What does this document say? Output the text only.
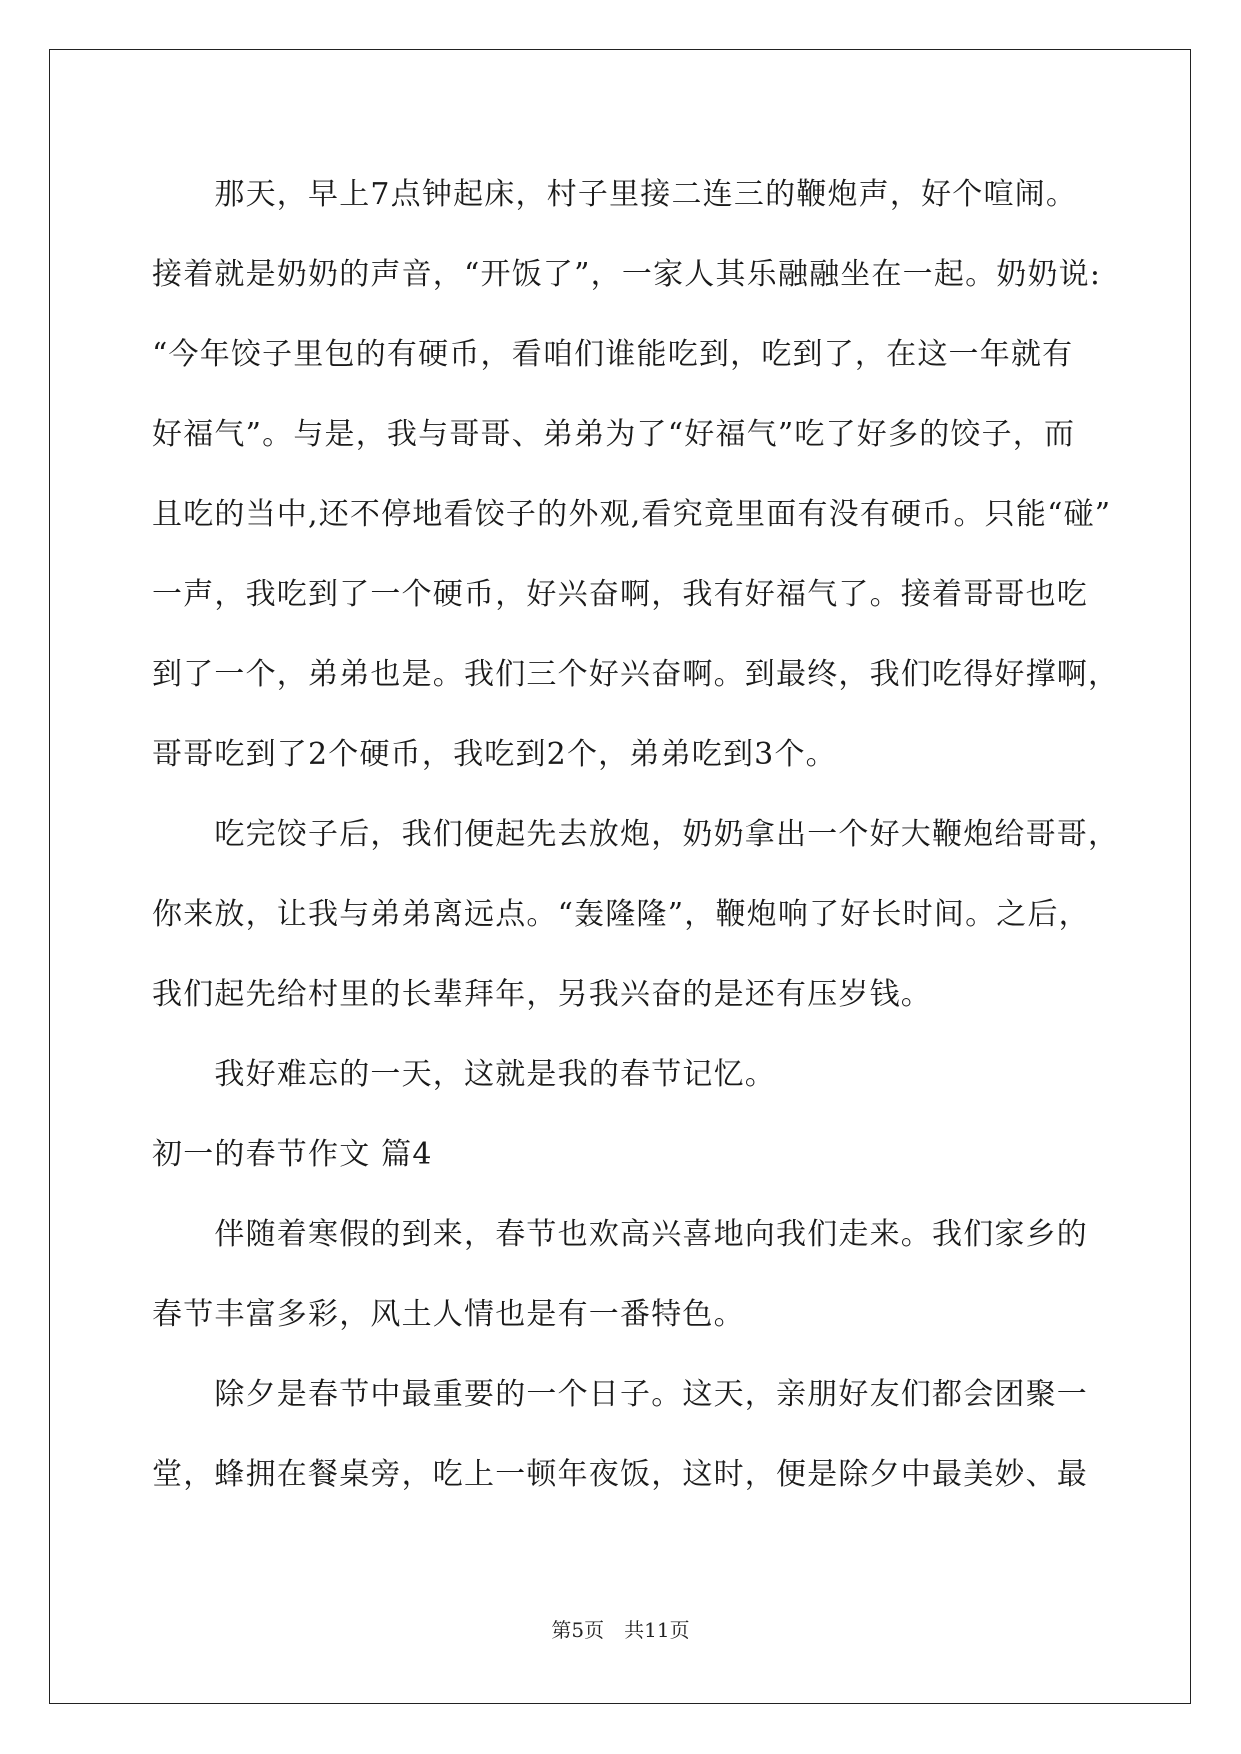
　　那天，早上7点钟起床，村子里接二连三的鞭炮声，好个喧闹。

接着就是奶奶的声音，“开饭了”，一家人其乐融融坐在一起。奶奶说:

“今年饺子里包的有硬币，看咱们谁能吃到，吃到了，在这一年就有

好福气”。与是，我与哥哥、弟弟为了“好福气”吃了好多的饺子，而

且吃的当中,还不停地看饺子的外观,看究竟里面有没有硬币。只能“碰”

一声，我吃到了一个硬币，好兴奋啊，我有好福气了。接着哥哥也吃

到了一个，弟弟也是。我们三个好兴奋啊。到最终，我们吃得好撑啊，

哥哥吃到了2个硬币，我吃到2个，弟弟吃到3个。

　　吃完饺子后，我们便起先去放炮，奶奶拿出一个好大鞭炮给哥哥，

你来放，让我与弟弟离远点。“轰隆隆”，鞭炮响了好长时间。之后，

我们起先给村里的长辈拜年，另我兴奋的是还有压岁钱。

　　我好难忘的一天，这就是我的春节记忆。

初一的春节作文 篇4

　　伴随着寒假的到来，春节也欢高兴喜地向我们走来。我们家乡的

春节丰富多彩，风土人情也是有一番特色。

　　除夕是春节中最重要的一个日子。这天，亲朋好友们都会团聚一

堂，蜂拥在餐桌旁，吃上一顿年夜饭，这时，便是除夕中最美妙、最

第5页　共11页
